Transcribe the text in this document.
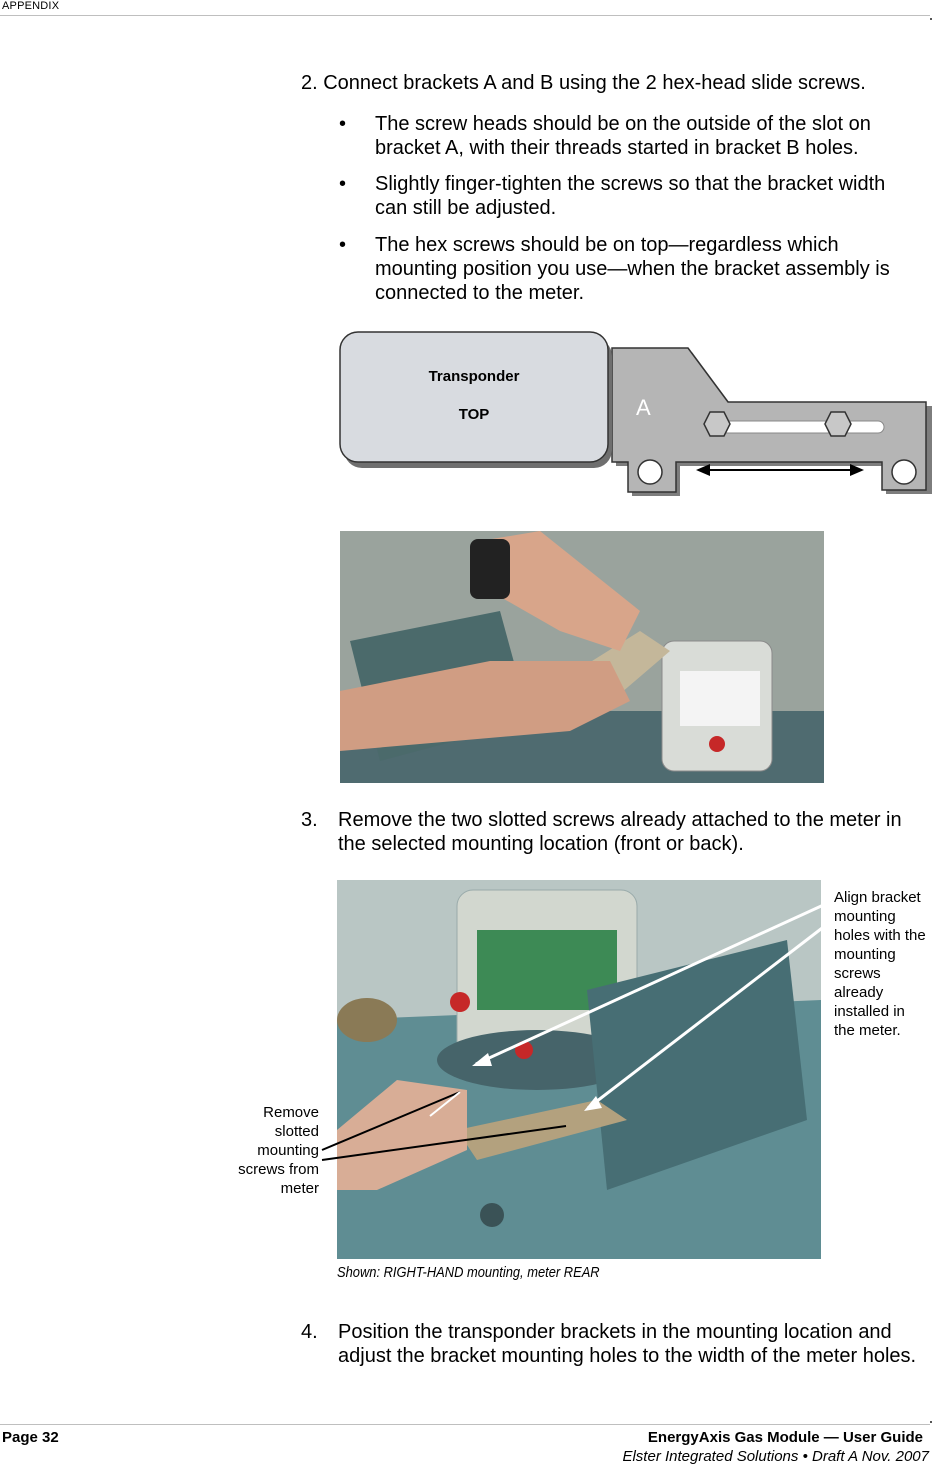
APPENDIX
2. Connect brackets A and B using the 2 hex-head slide screws.
•	The screw heads should be on the outside of the slot on bracket A, with their threads started in bracket B holes.
•	Slightly finger-tighten the screws so that the bracket width can still be adjusted.
•	The hex screws should be on top—regardless which mounting position you use—when the bracket assembly is connected to the meter.
Transponder
TOP	A
3. Remove the two slotted screws already attached to the meter in the selected mounting location (front or back).
Align bracket
mounting
holes with the
mounting
screws
already
installed in
the meter.
Remove
slotted
mounting
screws from
meter
Shown: RIGHT-HAND mounting, meter REAR
4. Position the transponder brackets in the mounting location and adjust the bracket mounting holes to the width of the meter holes.
Page 32	EnergyAxis Gas Module — User Guide
Elster Integrated Solutions • Draft A Nov. 2007
